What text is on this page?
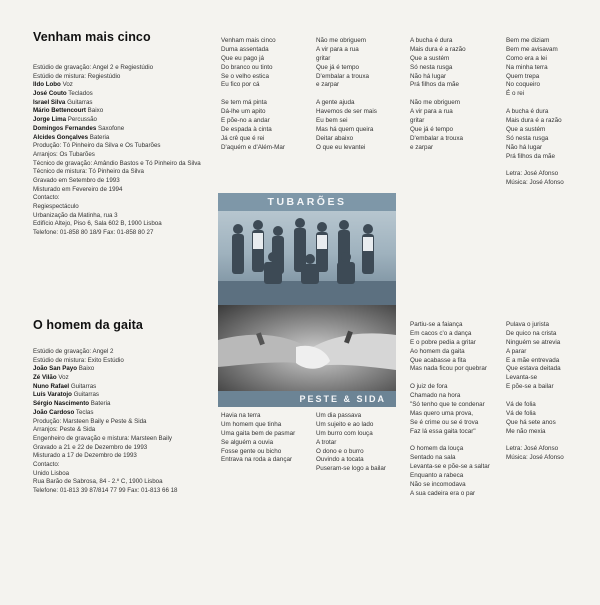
Venham mais cinco
Estúdio de gravação: Angel 2 e Regiestúdio
Estúdio de mistura: Regiestúdio
Ildo Lobo Voz
José Couto Teclados
Israel Silva Guitarras
Mário Bettencourt Baixo
Jorge Lima Percussão
Domingos Fernandes Saxofone
Alcides Gonçalves Bateria
Produção: Tó Pinheiro da Silva e Os Tubarões
Arranjos: Os Tubarões
Técnico de gravação: Amândio Bastos e Tó Pinheiro da Silva
Técnico de mistura: Tó Pinheiro da Silva
Gravado em Setembro de 1993
Misturado em Fevereiro de 1994
Contacto:
Regiespectáculo
Urbanização da Matinha, rua 3
Edifício Altejo, Piso 6, Sala 602 B, 1900 Lisboa
Telefone: 01-858 80 18/9 Fax: 01-858 80 27
Venham mais cinco
Duma assentada
Que eu pago já
Do branco ou tinto
Se o velho estica
Eu fico por cá
Se tem má pinta
Dá-lhe um apito
E põe-no a andar
De espada à cinta
Já crê que é rei
D'aquém e d'Além-Mar
Não me obriguem
A vir para a rua
gritar
Que já é tempo
D'embalar a trouxa
e zarpar
A gente ajuda
Havemos de ser mais
Eu bem sei
Mas há quem queira
Deitar abaixo
O que eu levantei
A bucha é dura
Mais dura é a razão
Que a sustém
Só nesta rusga
Não há lugar
Prá filhos da mãe
Não me obriguem
A vir para a rua
gritar
Que já é tempo
D'embalar a trouxa
e zarpar
Bem me diziam
Bem me avisavam
Como era a lei
Na minha terra
Quem trepa
No coqueiro
É o rei
A bucha é dura
Mais dura é a razão
Que a sustém
Só nesta rusga
Não há lugar
Prá filhos da mãe
Letra: José Afonso
Música: José Afonso
TUBARÕES
PESTE & SIDA
O homem da gaita
Estúdio de gravação: Angel 2
Estúdio de mistura: Exito Estúdio
João San Payo Baixo
Zé Vilão Voz
Nuno Rafael Guitarras
Luís Varatojo Guitarras
Sérgio Nascimento Bateria
João Cardoso Teclas
Produção: Marsteen Baily e Peste & Sida
Arranjos: Peste & Sida
Engenheiro de gravação e mistura: Marsteen Baily
Gravado a 21 e 22 de Dezembro de 1993
Misturado a 17 de Dezembro de 1993
Contacto:
Unido Lisboa
Rua Barão de Sabrosa, 84 - 2.º C, 1900 Lisboa
Telefone: 01-813 39 87/814 77 99 Fax: 01-813 66 18
Havia na terra
Um homem que tinha
Uma gaita bem de pasmar
Se alguém a ouvia
Fosse gente ou bicho
Entrava na roda a dançar
Um dia passava
Um sujeito e ao lado
Um burro com louça
A trotar
O dono e o burro
Ouvindo a tocata
Puseram-se logo a bailar
Partiu-se a faiança
Em cacos c'o a dança
E o pobre pedia a gritar
Ao homem da gaita
Que acabasse a fita
Mas nada ficou por quebrar
O juiz de fora
Chamado na hora
"Só tenho que te condenar
Mas quero uma prova,
Se é crime ou se é trova
Faz lá essa gaita tocar"
O homem da louça
Sentado na sala
Levanta-se e põe-se a saltar
Enquanto a rabeca
Não se incomodava
A sua cadeira era o par
Pulava o jurista
De quico na crista
Ninguém se atrevia
A parar
E a mãe entrevada
Que estava deitada
Levanta-se
E põe-se a bailar
Vá de folia
Vá de folia
Que há sete anos
Me não mexia
Letra: José Afonso
Música: José Afonso
